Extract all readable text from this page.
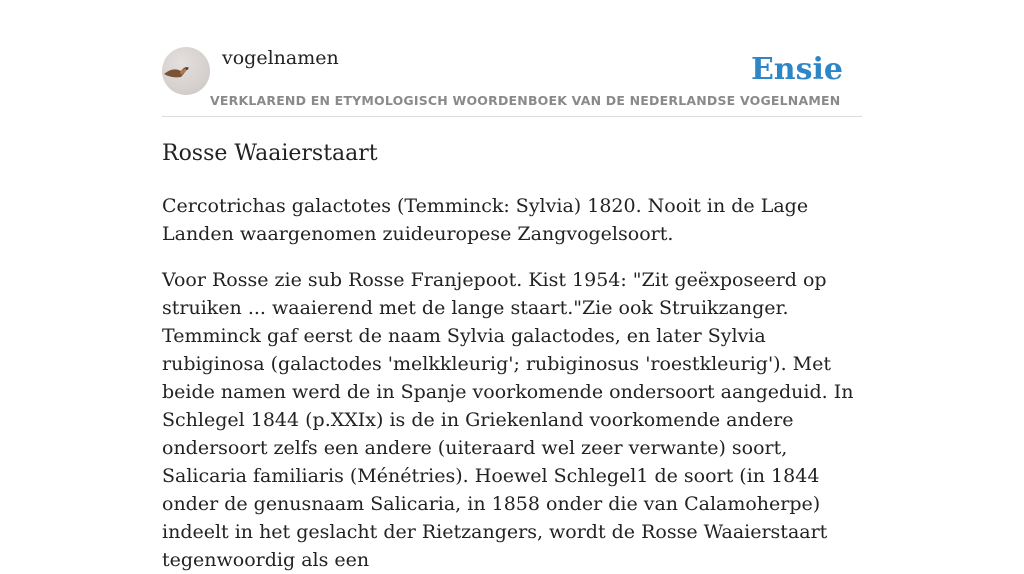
vogelnamen	Ensie
VERKLAREND EN ETYMOLOGISCH WOORDENBOEK VAN DE NEDERLANDSE VOGELNAMEN
Rosse Waaierstaart

Cercotrichas galactotes (Temminck: Sylvia) 1820. Nooit in de Lage Landen waargenomen zuideuropese Zangvogelsoort.

Voor Rosse zie sub Rosse Franjepoot. Kist 1954: "Zit geëxposeerd op struiken ... waaierend met de lange staart."Zie ook Struikzanger. Temminck gaf eerst de naam Sylvia galactodes, en later Sylvia rubiginosa (galactodes 'melkkleurig'; rubiginosus 'roestkleurig'). Met beide namen werd de in Spanje voorkomende ondersoort aangeduid. In Schlegel 1844 (p.XXIx) is de in Griekenland voorkomende andere ondersoort zelfs een andere (uiteraard wel zeer verwante) soort, Salicaria familiaris (Ménétries). Hoewel Schlegel1 de soort (in 1844 onder de genusnaam Salicaria, in 1858 onder die van Calamoherpe) indeelt in het geslacht der Rietzangers, wordt de Rosse Waaierstaart tegenwoordig als een
